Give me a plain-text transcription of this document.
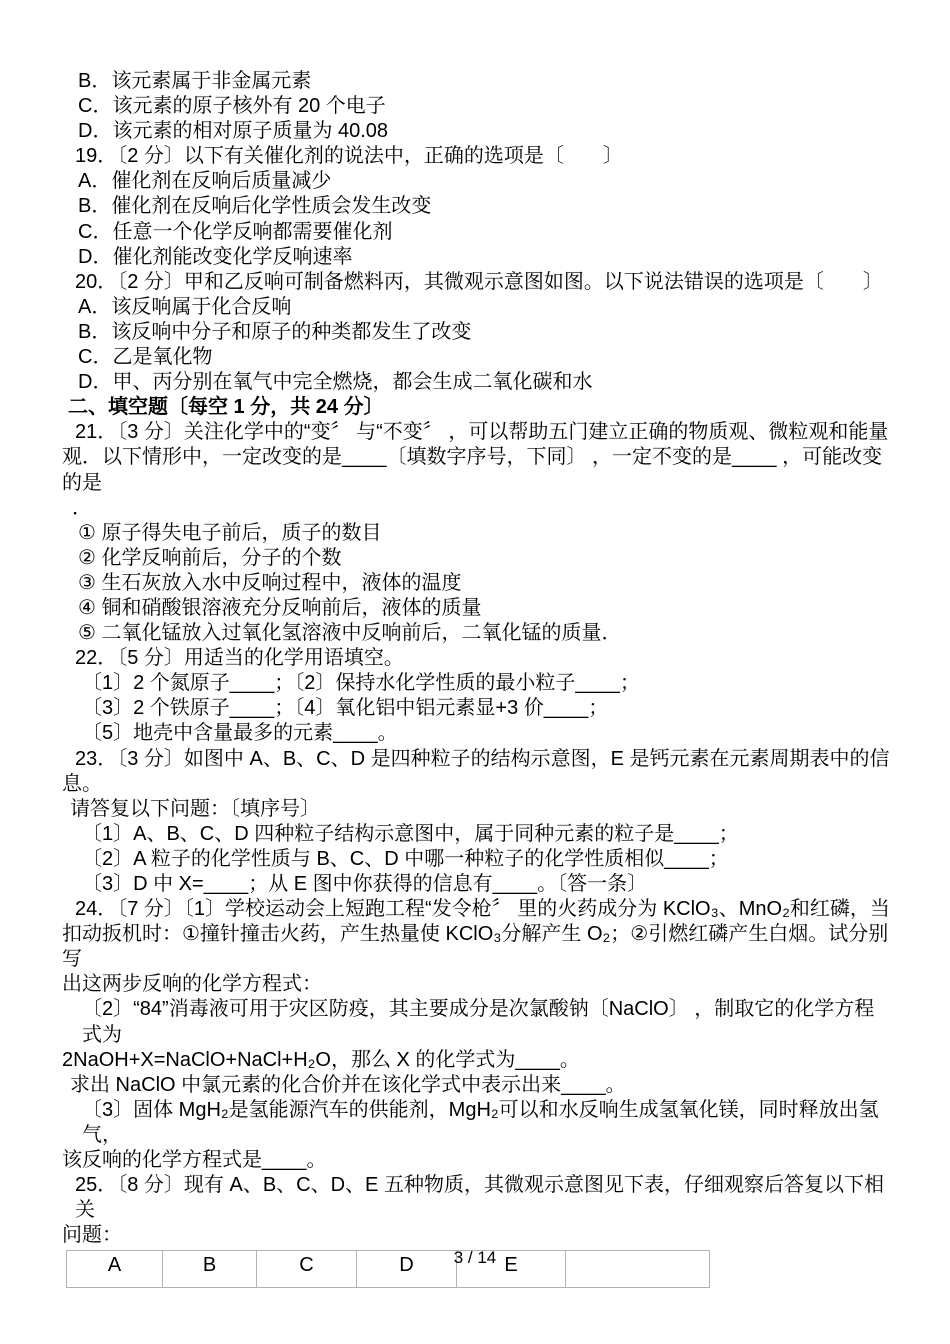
B．该元素属于非金属元素

C．该元素的原子核外有 20 个电子

D．该元素的相对原子质量为 40.08

19．〔2 分〕以下有关催化剂的说法中，正确的选项是〔       〕

A．催化剂在反响后质量减少

B．催化剂在反响后化学性质会发生改变

C．任意一个化学反响都需要催化剂

D．催化剂能改变化学反响速率

20．〔2 分〕甲和乙反响可制备燃料丙，其微观示意图如图。以下说法错误的选项是〔       〕

A．该反响属于化合反响

B．该反响中分子和原子的种类都发生了改变

C．乙是氧化物

D．甲、丙分别在氧气中完全燃烧，都会生成二氧化碳和水

二、填空题〔每空 1 分，共 24 分〕

21．〔3 分〕关注化学中的“变〞 与“不变〞 ，可以帮助五门建立正确的物质观、微粒观和能量

观．以下情形中，一定改变的是____〔填数字序号，下同〕 ，一定不变的是____ ，可能改变的是

．

① 原子得失电子前后，质子的数目

② 化学反响前后，分子的个数

③ 生石灰放入水中反响过程中，液体的温度

④ 铜和硝酸银溶液充分反响前后，液体的质量

⑤ 二氧化锰放入过氧化氢溶液中反响前后，二氧化锰的质量．

22．〔5 分〕用适当的化学用语填空。

〔1〕2 个氮原子____；〔2〕保持水化学性质的最小粒子____；

〔3〕2 个铁原子____；〔4〕氧化铝中铝元素显+3 价____；

〔5〕地壳中含量最多的元素____。

23．〔3 分〕如图中 A、B、C、D 是四种粒子的结构示意图，E 是钙元素在元素周期表中的信

息。

请答复以下问题：〔填序号〕

〔1〕A、B、C、D 四种粒子结构示意图中，属于同种元素的粒子是____；

〔2〕A 粒子的化学性质与 B、C、D 中哪一种粒子的化学性质相似____；

〔3〕D 中 X=____；从 E 图中你获得的信息有____。〔答一条〕

24．〔7 分〕〔1〕学校运动会上短跑工程“发令枪〞 里的火药成分为 KClO₃、MnO₂和红磷，当

扣动扳机时：①撞针撞击火药，产生热量使 KClO₃分解产生 O₂；②引燃红磷产生白烟。试分别写

出这两步反响的化学方程式：

〔2〕“84”消毒液可用于灾区防疫，其主要成分是次氯酸钠〔NaClO〕 ，制取它的化学方程式为

2NaOH+X=NaClO+NaCl+H₂O，那么 X 的化学式为____。

求出 NaClO 中氯元素的化合价并在该化学式中表示出来____。

〔3〕固体 MgH₂是氢能源汽车的供能剂，MgH₂可以和水反响生成氢氧化镁，同时释放出氢气，

该反响的化学方程式是____。

25．〔8 分〕现有 A、B、C、D、E 五种物质，其微观示意图见下表，仔细观察后答复以下相关

问题：

A	B	C	D	E	
3 / 14
